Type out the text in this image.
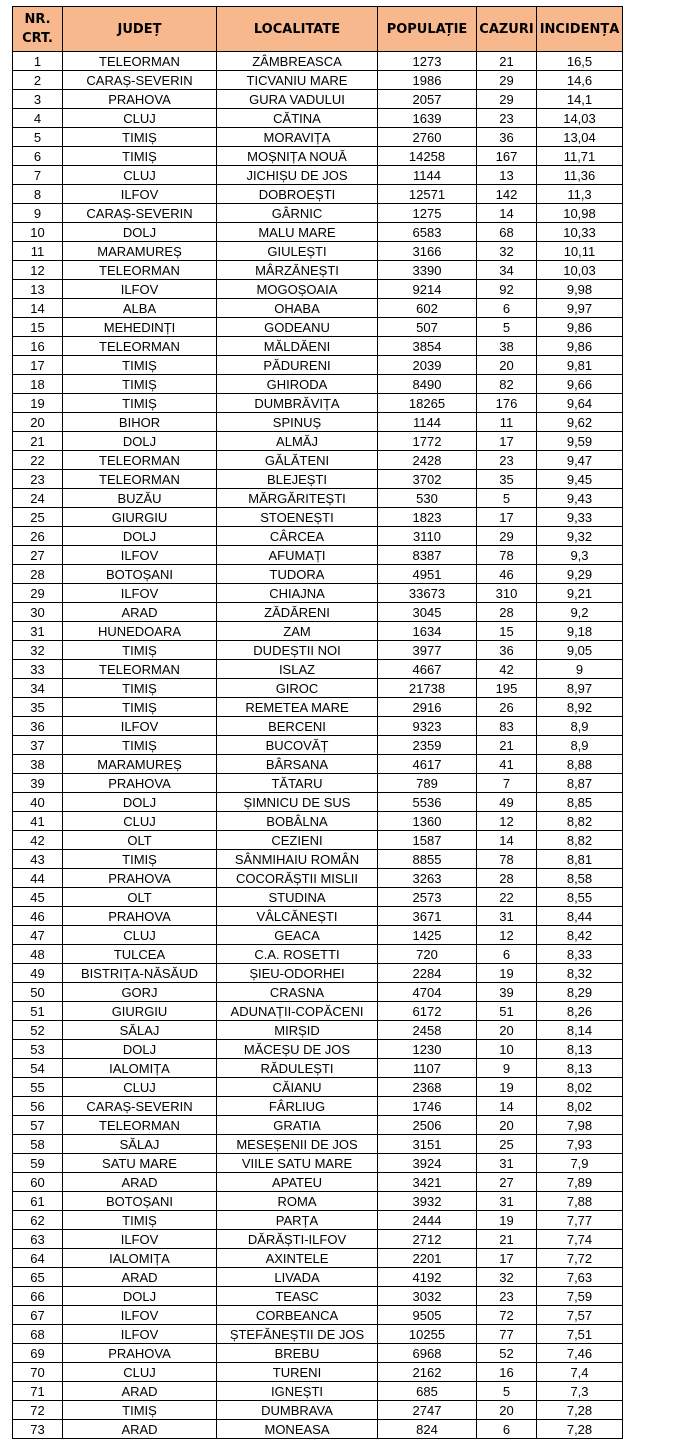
NR.
CRT.	JUDEȚ	LOCALITATE	POPULAȚIE	CAZURI	INCIDENȚA
1	TELEORMAN	ZÂMBREASCA	1273	21	16,5
2	CARAȘ-SEVERIN	TICVANIU MARE	1986	29	14,6
3	PRAHOVA	GURA VADULUI	2057	29	14,1
4	CLUJ	CĂTINA	1639	23	14,03
5	TIMIȘ	MORAVIȚA	2760	36	13,04
6	TIMIȘ	MOȘNIȚA NOUĂ	14258	167	11,71
7	CLUJ	JICHIȘU DE JOS	1144	13	11,36
8	ILFOV	DOBROEȘTI	12571	142	11,3
9	CARAȘ-SEVERIN	GÂRNIC	1275	14	10,98
10	DOLJ	MALU MARE	6583	68	10,33
11	MARAMUREȘ	GIULEȘTI	3166	32	10,11
12	TELEORMAN	MÂRZĂNEȘTI	3390	34	10,03
13	ILFOV	MOGOȘOAIA	9214	92	9,98
14	ALBA	OHABA	602	6	9,97
15	MEHEDINȚI	GODEANU	507	5	9,86
16	TELEORMAN	MĂLDĂENI	3854	38	9,86
17	TIMIȘ	PĂDURENI	2039	20	9,81
18	TIMIȘ	GHIRODA	8490	82	9,66
19	TIMIȘ	DUMBRĂVIȚA	18265	176	9,64
20	BIHOR	SPINUȘ	1144	11	9,62
21	DOLJ	ALMĂJ	1772	17	9,59
22	TELEORMAN	GĂLĂTENI	2428	23	9,47
23	TELEORMAN	BLEJEȘTI	3702	35	9,45
24	BUZĂU	MĂRGĂRITEȘTI	530	5	9,43
25	GIURGIU	STOENEȘTI	1823	17	9,33
26	DOLJ	CÂRCEA	3110	29	9,32
27	ILFOV	AFUMAȚI	8387	78	9,3
28	BOTOȘANI	TUDORA	4951	46	9,29
29	ILFOV	CHIAJNA	33673	310	9,21
30	ARAD	ZĂDĂRENI	3045	28	9,2
31	HUNEDOARA	ZAM	1634	15	9,18
32	TIMIȘ	DUDEȘTII NOI	3977	36	9,05
33	TELEORMAN	ISLAZ	4667	42	9
34	TIMIȘ	GIROC	21738	195	8,97
35	TIMIȘ	REMETEA MARE	2916	26	8,92
36	ILFOV	BERCENI	9323	83	8,9
37	TIMIȘ	BUCOVĂȚ	2359	21	8,9
38	MARAMUREȘ	BÂRSANA	4617	41	8,88
39	PRAHOVA	TĂTARU	789	7	8,87
40	DOLJ	ȘIMNICU DE SUS	5536	49	8,85
41	CLUJ	BOBÂLNA	1360	12	8,82
42	OLT	CEZIENI	1587	14	8,82
43	TIMIȘ	SÂNMIHAIU ROMÂN	8855	78	8,81
44	PRAHOVA	COCORĂȘTII MISLII	3263	28	8,58
45	OLT	STUDINA	2573	22	8,55
46	PRAHOVA	VÂLCĂNEȘTI	3671	31	8,44
47	CLUJ	GEACA	1425	12	8,42
48	TULCEA	C.A. ROSETTI	720	6	8,33
49	BISTRIȚA-NĂSĂUD	ȘIEU-ODORHEI	2284	19	8,32
50	GORJ	CRASNA	4704	39	8,29
51	GIURGIU	ADUNAȚII-COPĂCENI	6172	51	8,26
52	SĂLAJ	MIRȘID	2458	20	8,14
53	DOLJ	MĂCEȘU DE JOS	1230	10	8,13
54	IALOMIȚA	RĂDULEȘTI	1107	9	8,13
55	CLUJ	CĂIANU	2368	19	8,02
56	CARAȘ-SEVERIN	FÂRLIUG	1746	14	8,02
57	TELEORMAN	GRATIA	2506	20	7,98
58	SĂLAJ	MESEȘENII DE JOS	3151	25	7,93
59	SATU MARE	VIILE SATU MARE	3924	31	7,9
60	ARAD	APATEU	3421	27	7,89
61	BOTOȘANI	ROMA	3932	31	7,88
62	TIMIȘ	PARȚA	2444	19	7,77
63	ILFOV	DĂRĂȘTI-ILFOV	2712	21	7,74
64	IALOMIȚA	AXINTELE	2201	17	7,72
65	ARAD	LIVADA	4192	32	7,63
66	DOLJ	TEASC	3032	23	7,59
67	ILFOV	CORBEANCA	9505	72	7,57
68	ILFOV	ȘTEFĂNEȘTII DE JOS	10255	77	7,51
69	PRAHOVA	BREBU	6968	52	7,46
70	CLUJ	TURENI	2162	16	7,4
71	ARAD	IGNEȘTI	685	5	7,3
72	TIMIȘ	DUMBRAVA	2747	20	7,28
73	ARAD	MONEASA	824	6	7,28
